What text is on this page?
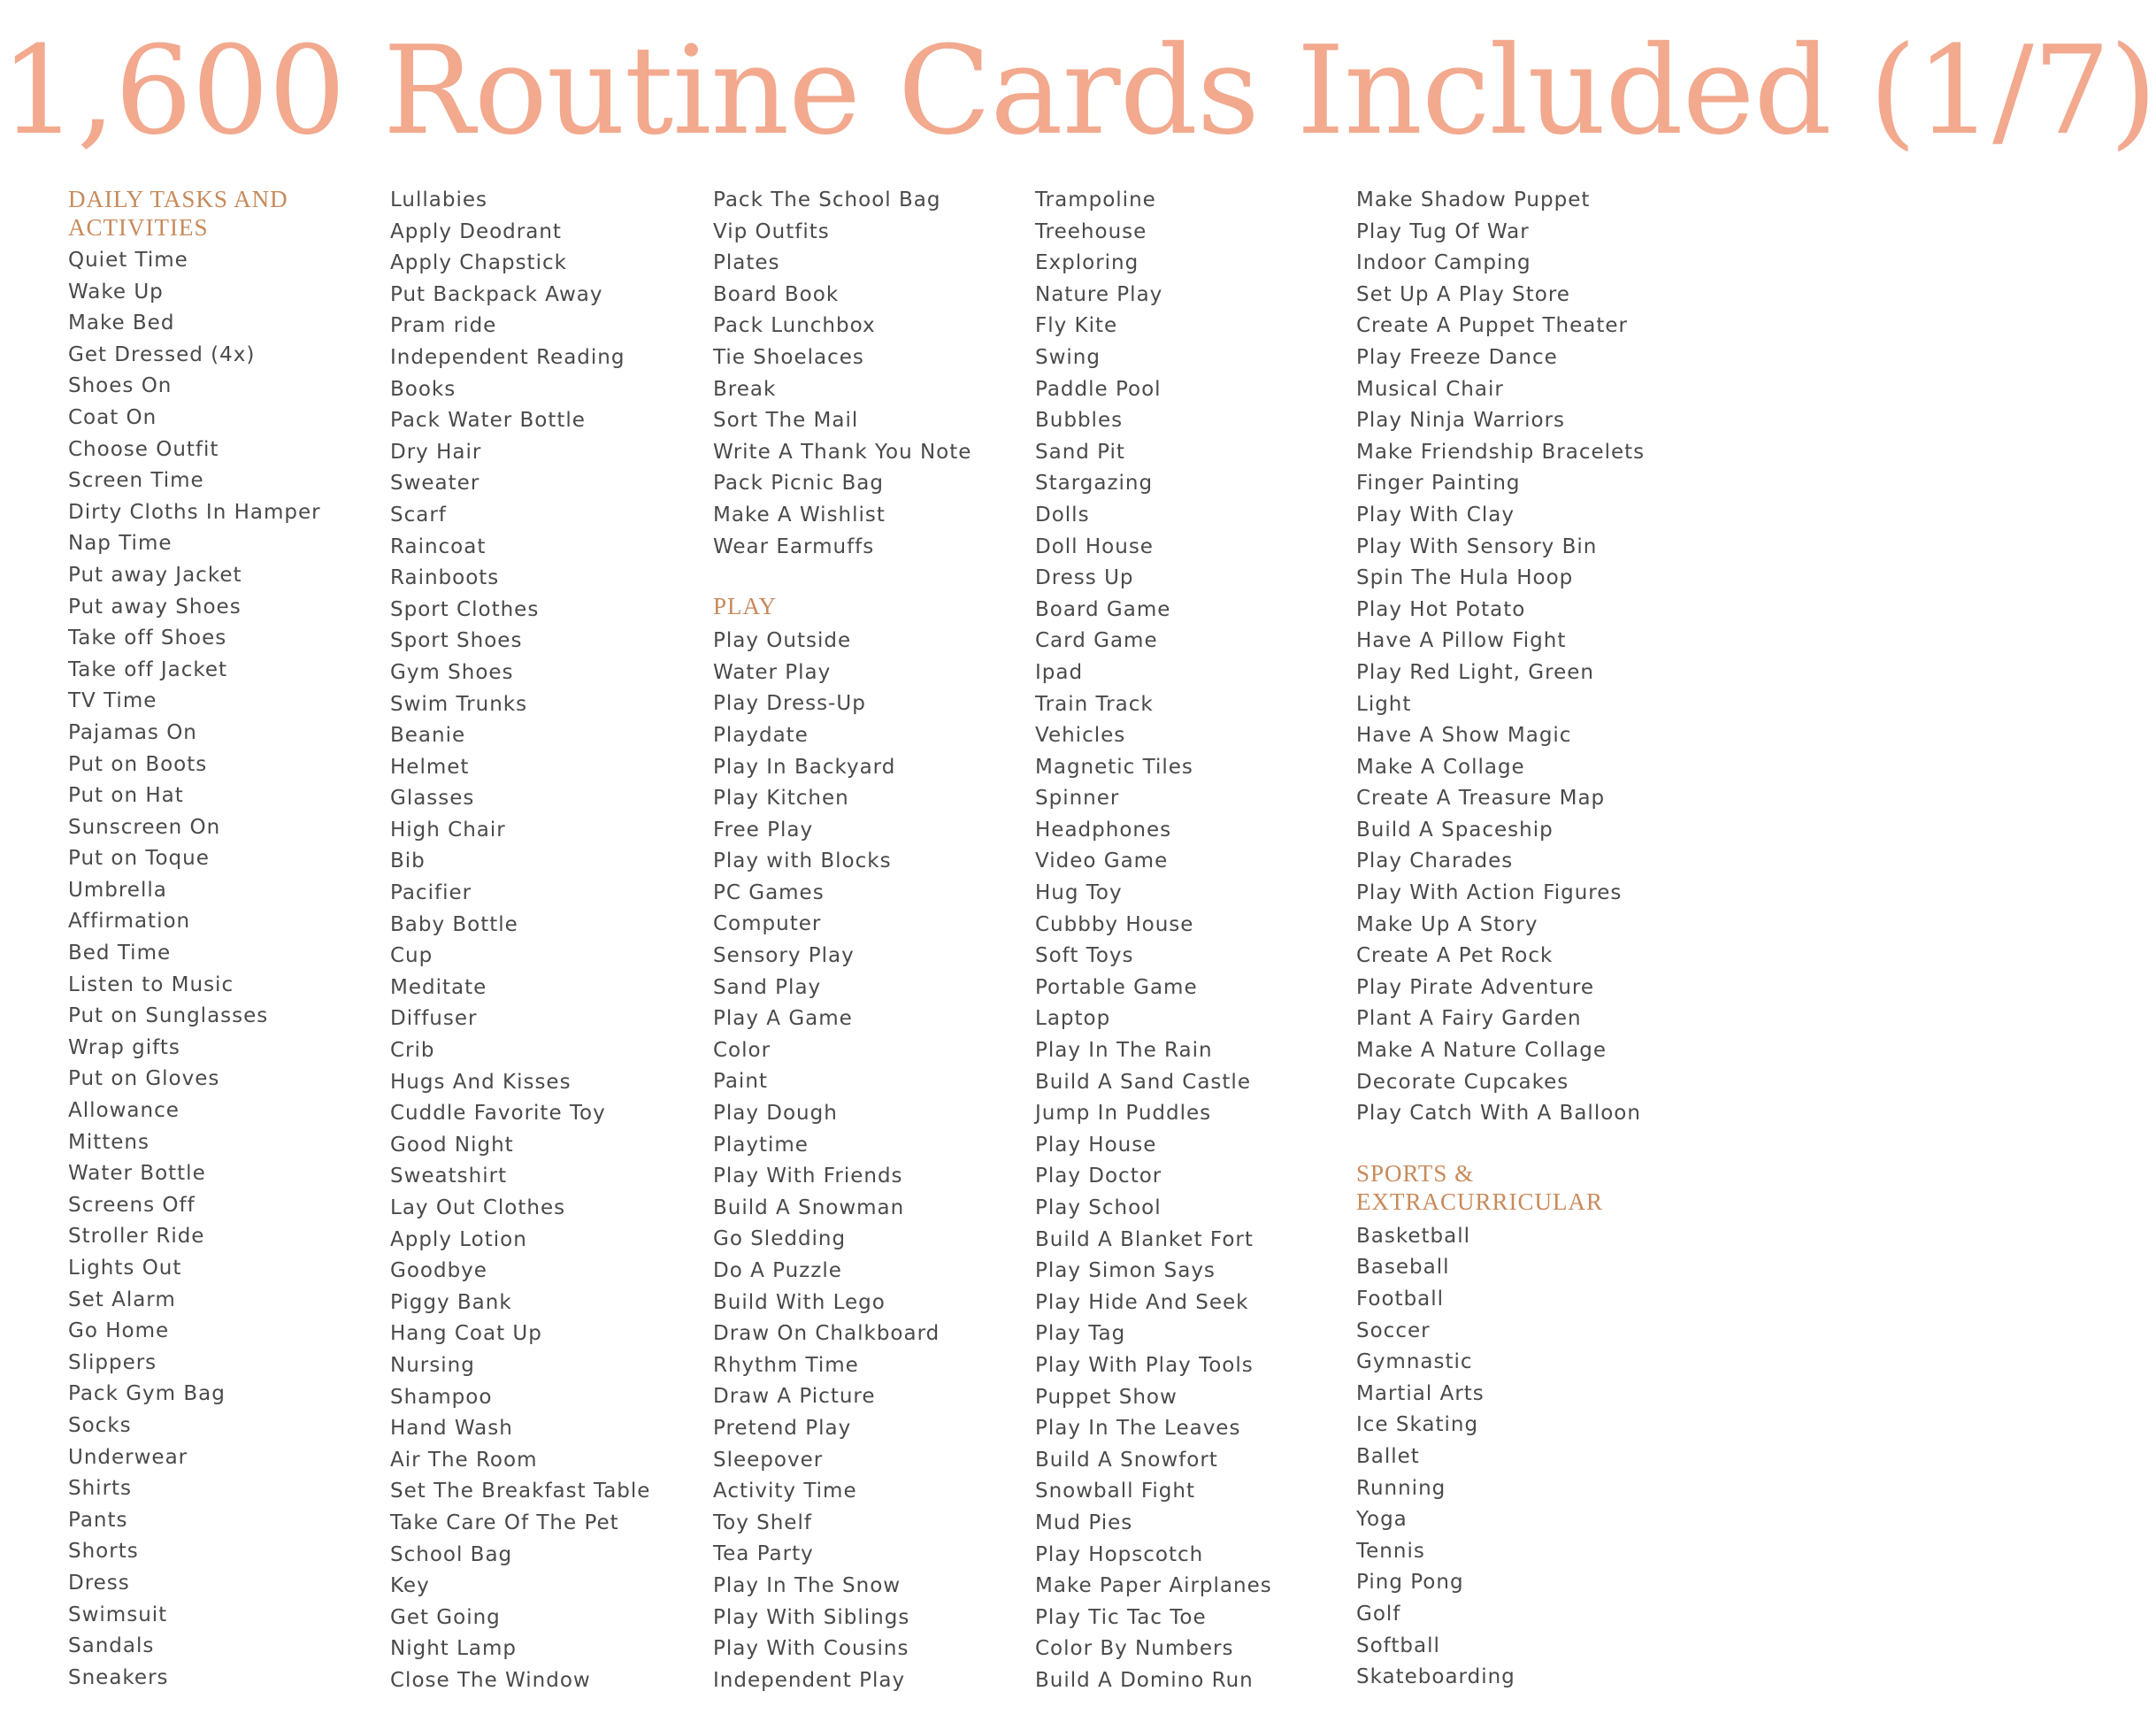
1,600 Routine Cards Included (1/7)
DAILY TASKS AND ACTIVITIES
Quiet Time
Wake Up
Make Bed
Get Dressed (4x)
Shoes On
Coat On
Choose Outfit
Screen Time
Dirty Cloths In Hamper
Nap Time
Put away Jacket
Put away Shoes
Take off Shoes
Take off Jacket
TV Time
Pajamas On
Put on Boots
Put on Hat
Sunscreen On
Put on Toque
Umbrella
Affirmation
Bed Time
Listen to Music
Put on Sunglasses
Wrap gifts
Put on Gloves
Allowance
Mittens
Water Bottle
Screens Off
Stroller Ride
Lights Out
Set Alarm
Go Home
Slippers
Pack Gym Bag
Socks
Underwear
Shirts
Pants
Shorts
Dress
Swimsuit
Sandals
Sneakers
Lullabies
Apply Deodrant
Apply Chapstick
Put Backpack Away
Pram ride
Independent Reading
Books
Pack Water Bottle
Dry Hair
Sweater
Scarf
Raincoat
Rainboots
Sport Clothes
Sport Shoes
Gym Shoes
Swim Trunks
Beanie
Helmet
Glasses
High Chair
Bib
Pacifier
Baby Bottle
Cup
Meditate
Diffuser
Crib
Hugs And Kisses
Cuddle Favorite Toy
Good Night
Sweatshirt
Lay Out Clothes
Apply Lotion
Goodbye
Piggy Bank
Hang Coat Up
Nursing
Shampoo
Hand Wash
Air The Room
Set The Breakfast Table
Take Care Of The Pet
School Bag
Key
Get Going
Night Lamp
Close The Window
Pack The School Bag
Vip Outfits
Plates
Board Book
Pack Lunchbox
Tie Shoelaces
Break
Sort The Mail
Write A Thank You Note
Pack Picnic Bag
Make A Wishlist
Wear Earmuffs
PLAY
Play Outside
Water Play
Play Dress-Up
Playdate
Play In Backyard
Play Kitchen
Free Play
Play with Blocks
PC Games
Computer
Sensory Play
Sand Play
Play A Game
Color
Paint
Play Dough
Playtime
Play With Friends
Build A Snowman
Go Sledding
Do A Puzzle
Build With Lego
Draw On Chalkboard
Rhythm Time
Draw A Picture
Pretend Play
Sleepover
Activity Time
Toy Shelf
Tea Party
Play In The Snow
Play With Siblings
Play With Cousins
Independent Play
Trampoline
Treehouse
Exploring
Nature Play
Fly Kite
Swing
Paddle Pool
Bubbles
Sand Pit
Stargazing
Dolls
Doll House
Dress Up
Board Game
Card Game
Ipad
Train Track
Vehicles
Magnetic Tiles
Spinner
Headphones
Video Game
Hug Toy
Cubbby House
Soft Toys
Portable Game
Laptop
Play In The Rain
Build A Sand Castle
Jump In Puddles
Play House
Play Doctor
Play School
Build A Blanket Fort
Play Simon Says
Play Hide And Seek
Play Tag
Play With Play Tools
Puppet Show
Play In The Leaves
Build A Snowfort
Snowball Fight
Mud Pies
Play Hopscotch
Make Paper Airplanes
Play Tic Tac Toe
Color By Numbers
Build A Domino Run
Make Shadow Puppet
Play Tug Of War
Indoor Camping
Set Up A Play Store
Create A Puppet Theater
Play Freeze Dance
Musical Chair
Play Ninja Warriors
Make Friendship Bracelets
Finger Painting
Play With Clay
Play With Sensory Bin
Spin The Hula Hoop
Play Hot Potato
Have A Pillow Fight
Play Red Light, Green
Light
Have A Show Magic
Make A Collage
Create A Treasure Map
Build A Spaceship
Play Charades
Play With Action Figures
Make Up A Story
Create A Pet Rock
Play Pirate Adventure
Plant A Fairy Garden
Make A Nature Collage
Decorate Cupcakes
Play Catch With A Balloon
SPORTS & EXTRACURRICULAR
Basketball
Baseball
Football
Soccer
Gymnastic
Martial Arts
Ice Skating
Ballet
Running
Yoga
Tennis
Ping Pong
Golf
Softball
Skateboarding
